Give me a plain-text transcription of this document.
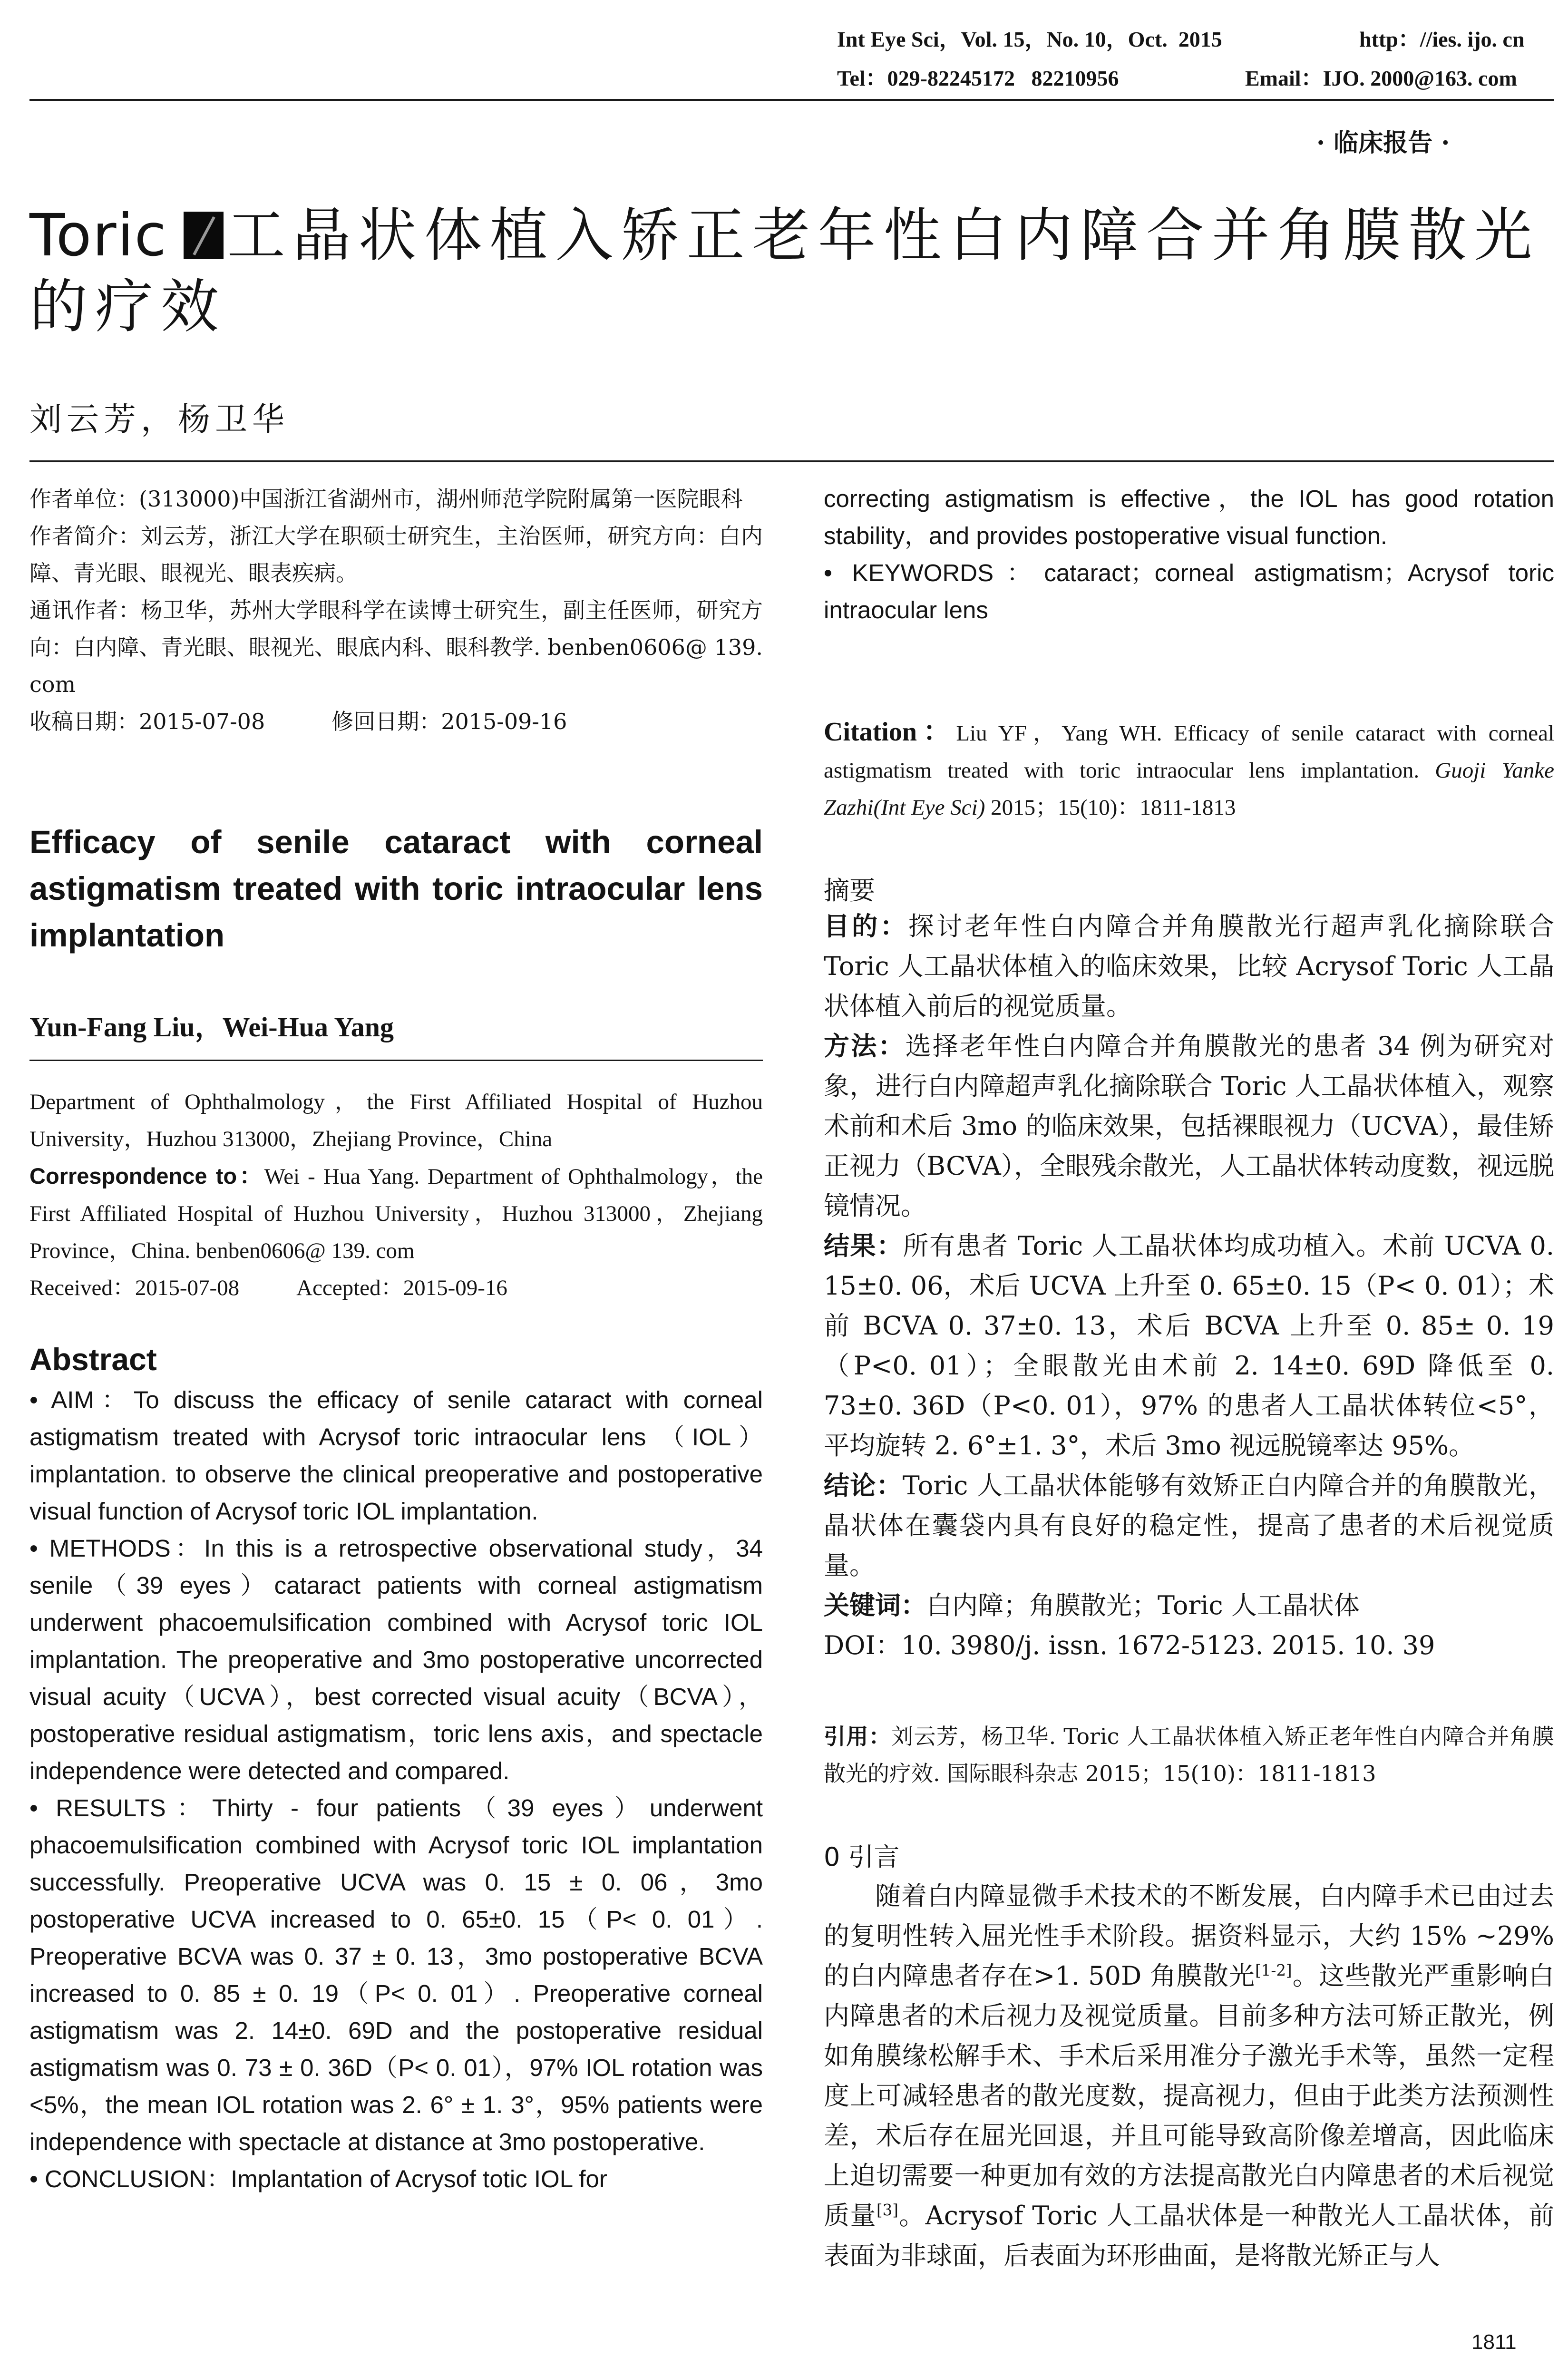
Int Eye Sci，Vol. 15，No. 10，Oct.  2015	http：//ies. ijo. cn
Tel：029-82245172   82210956	Email：IJO. 2000@163. com
· 临床报告 ·
Toric 工晶状体植入矫正老年性白内障合并角膜散光
的疗效
刘云芳，杨卫华

作者单位：(313000)中国浙江省湖州市，湖州师范学院附属第一医院眼科

作者简介：刘云芳，浙江大学在职硕士研究生，主治医师，研究方向：白内障、青光眼、眼视光、眼表疾病。

通讯作者：杨卫华，苏州大学眼科学在读博士研究生，副主任医师，研究方向：白内障、青光眼、眼视光、眼底内科、眼科教学. benben0606@ 139. com

收稿日期：2015-07-08	修回日期：2015-09-16

Efficacy of senile cataract with corneal astigmatism treated with toric intraocular lens implantation
Yun-Fang Liu，Wei-Hua Yang

Department of Ophthalmology，the First Affiliated Hospital of Huzhou University，Huzhou 313000，Zhejiang Province，China

Correspondence to：Wei - Hua Yang. Department of Ophthalmology，the First Affiliated Hospital of Huzhou University，Huzhou 313000，Zhejiang Province，China. benben0606@ 139. com

Received：2015-07-08	Accepted：2015-09-16

Abstract

• AIM：To discuss the efficacy of senile cataract with corneal astigmatism treated with Acrysof toric intraocular lens （IOL） implantation. to observe the clinical preoperative and postoperative visual function of Acrysof toric IOL implantation.

• METHODS：In this is a retrospective observational study，34 senile（39 eyes）cataract patients with corneal astigmatism underwent phacoemulsification combined with Acrysof toric IOL implantation. The preoperative and 3mo postoperative uncorrected visual acuity（UCVA），best corrected visual acuity（BCVA），postoperative residual astigmatism，toric lens axis，and spectacle independence were detected and compared.

• RESULTS：Thirty - four patients（39 eyes）underwent phacoemulsification combined with Acrysof toric IOL implantation successfully. Preoperative UCVA was 0. 15 ± 0. 06，3mo postoperative UCVA increased to 0. 65±0. 15（P< 0. 01）. Preoperative BCVA was 0. 37 ± 0. 13，3mo postoperative BCVA increased to 0. 85 ± 0. 19（P< 0. 01）. Preoperative corneal astigmatism was 2. 14±0. 69D and the postoperative residual astigmatism was 0. 73 ± 0. 36D（P< 0. 01），97% IOL rotation was <5%，the mean IOL rotation was 2. 6° ± 1. 3°，95% patients were independence with spectacle at distance at 3mo postoperative.

• CONCLUSION：Implantation of Acrysof totic IOL for

correcting astigmatism is effective，the IOL has good rotation stability，and provides postoperative visual function.

• KEYWORDS：cataract；corneal astigmatism；Acrysof toric intraocular lens

Citation：Liu YF，Yang WH. Efficacy of senile cataract with corneal astigmatism treated with toric intraocular lens implantation. Guoji Yanke Zazhi(Int Eye Sci) 2015；15(10)：1811-1813
摘要

目的：探讨老年性白内障合并角膜散光行超声乳化摘除联合 Toric 人工晶状体植入的临床效果，比较 Acrysof Toric 人工晶状体植入前后的视觉质量。

方法：选择老年性白内障合并角膜散光的患者 34 例为研究对象，进行白内障超声乳化摘除联合 Toric 人工晶状体植入，观察术前和术后 3mo 的临床效果，包括裸眼视力（UCVA），最佳矫正视力（BCVA），全眼残余散光，人工晶状体转动度数，视远脱镜情况。

结果：所有患者 Toric 人工晶状体均成功植入。术前 UCVA 0. 15±0. 06，术后 UCVA 上升至 0. 65±0. 15（P< 0. 01）；术前 BCVA 0. 37±0. 13，术后 BCVA 上升至 0. 85± 0. 19（P<0. 01）；全眼散光由术前 2. 14±0. 69D 降低至 0. 73±0. 36D（P<0. 01），97% 的患者人工晶状体转位<5°，平均旋转 2. 6°±1. 3°，术后 3mo 视远脱镜率达 95%。

结论：Toric 人工晶状体能够有效矫正白内障合并的角膜散光，晶状体在囊袋内具有良好的稳定性，提高了患者的术后视觉质量。

关键词：白内障；角膜散光；Toric 人工晶状体

DOI：10. 3980/j. issn. 1672-5123. 2015. 10. 39

引用：刘云芳，杨卫华. Toric 人工晶状体植入矫正老年性白内障合并角膜散光的疗效. 国际眼科杂志 2015；15(10)：1811-1813
0 引言
随着白内障显微手术技术的不断发展，白内障手术已由过去的复明性转入屈光性手术阶段。据资料显示，大约 15% ~29% 的白内障患者存在>1. 50D 角膜散光[1-2]。这些散光严重影响白内障患者的术后视力及视觉质量。目前多种方法可矫正散光，例如角膜缘松解手术、手术后采用准分子激光手术等，虽然一定程度上可减轻患者的散光度数，提高视力，但由于此类方法预测性差，术后存在屈光回退，并且可能导致高阶像差增高，因此临床上迫切需要一种更加有效的方法提高散光白内障患者的术后视觉质量[3]。Acrysof Toric 人工晶状体是一种散光人工晶状体，前表面为非球面，后表面为环形曲面，是将散光矫正与人
1811
